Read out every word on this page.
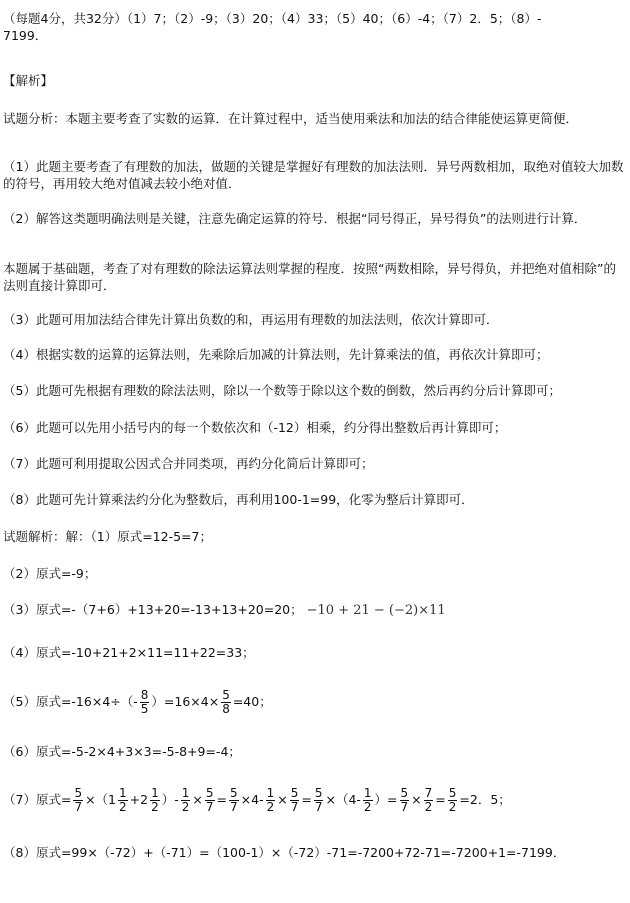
（每题4分，共32分）（1）7；（2）-9；（3）20；（4）33；（5）40；（6）-4；（7）2．5；（8）-
7199．
【解析】
试题分析：本题主要考查了实数的运算．在计算过程中，适当使用乘法和加法的结合律能使运算更简便．
（1）此题主要考查了有理数的加法，做题的关键是掌握好有理数的加法法则．异号两数相加，取绝对值较大加数的符号，再用较大绝对值减去较小绝对值．
（2）解答这类题明确法则是关键，注意先确定运算的符号．根据“同号得正，异号得负”的法则进行计算．
本题属于基础题，考查了对有理数的除法运算法则掌握的程度．按照“两数相除，异号得负，并把绝对值相除”的法则直接计算即可．
（3）此题可用加法结合律先计算出负数的和，再运用有理数的加法法则，依次计算即可．
（4）根据实数的运算的运算法则，先乘除后加减的计算法则，先计算乘法的值，再依次计算即可；
（5）此题可先根据有理数的除法法则，除以一个数等于除以这个数的倒数，然后再约分后计算即可；
（6）此题可以先用小括号内的每一个数依次和（-12）相乘，约分得出整数后再计算即可；
（7）此题可利用提取公因式合并同类项，再约分化简后计算即可；
（8）此题可先计算乘法约分化为整数后，再利用100-1=99，化零为整后计算即可．
试题解析：解：（1）原式=12-5=7；
（2）原式=-9；
（3）原式=-（7+6）+13+20=-13+13+20=20； −10 + 21 − (−2)×11
（4）原式=-10+21+2×11=11+22=33；
（5）原式$=-16\times 4\div(- \frac{8}{5} )=16\times 4\times \frac{5}{8} =40$；
（6）原式=-5-2×4+3×3=-5-8+9=-4；
（7）原式= $\frac{5}{7} \times(1 \frac{1}{2} +2 \frac{1}{2}$ ）- $\frac{1}{2} \times \frac{5}{7} = \frac{5}{7} \times 4- \frac{1}{2} \times \frac{5}{7} = \frac{5}{7} \times(4- \frac{1}{2}$ ）= $\frac{5}{7} \times \frac{7}{2} = \frac{5}{2} =2$．5；
（8）原式=99×（-72）+（-71）=（100-1）×（-72）-71=-7200+72-71=-7200+1=-7199．
